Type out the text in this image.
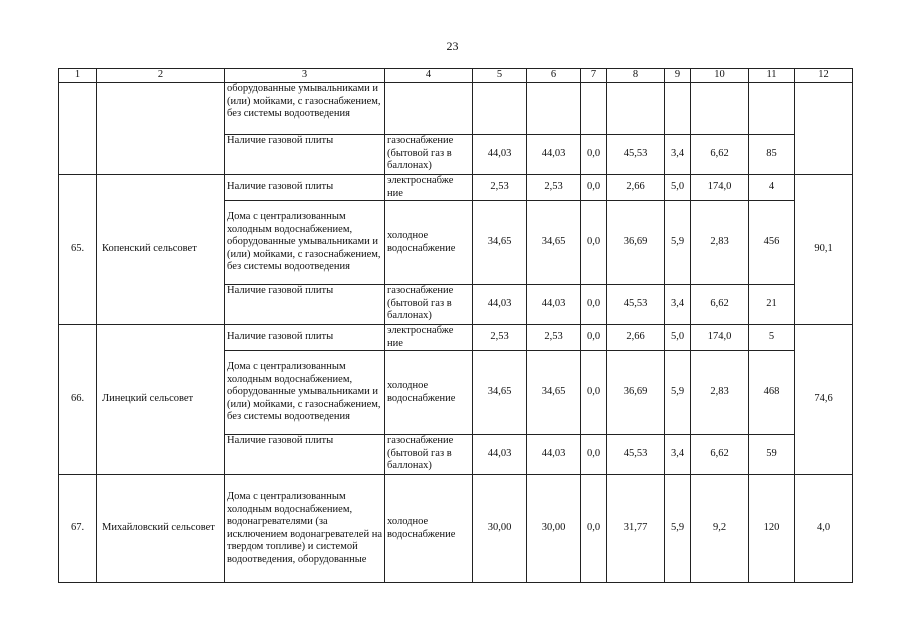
23
1	2	3	4	5	6	7	8	9	10	11	12
		оборудованные умывальниками и (или) мойками, с газоснабжением, без системы водоотведения									
		Наличие газовой плиты	газоснабжение (бытовой газ в баллонах)	44,03	44,03	0,0	45,53	3,4	6,62	85	
65.	Копенский сельсовет	Наличие газовой плиты	электроснабже ние	2,53	2,53	0,0	2,66	5,0	174,0	4	90,1
		Дома с централизованным холодным водоснабжением, оборудованные умывальниками и (или) мойками, с газоснабжением, без системы водоотведения	холодное водоснабжение	34,65	34,65	0,0	36,69	5,9	2,83	456	
		Наличие газовой плиты	газоснабжение (бытовой газ в баллонах)	44,03	44,03	0,0	45,53	3,4	6,62	21	
66.	Линецкий сельсовет	Наличие газовой плиты	электроснабже ние	2,53	2,53	0,0	2,66	5,0	174,0	5	74,6
		Дома с централизованным холодным водоснабжением, оборудованные умывальниками и (или) мойками, с газоснабжением, без системы водоотведения	холодное водоснабжение	34,65	34,65	0,0	36,69	5,9	2,83	468	
		Наличие газовой плиты	газоснабжение (бытовой газ в баллонах)	44,03	44,03	0,0	45,53	3,4	6,62	59	
67.	Михайловский сельсовет	Дома с централизованным холодным водоснабжением, водонагревателями (за исключением водонагревателей на твердом топливе) и системой водоотведения, оборудованные	холодное водоснабжение	30,00	30,00	0,0	31,77	5,9	9,2	120	4,0
